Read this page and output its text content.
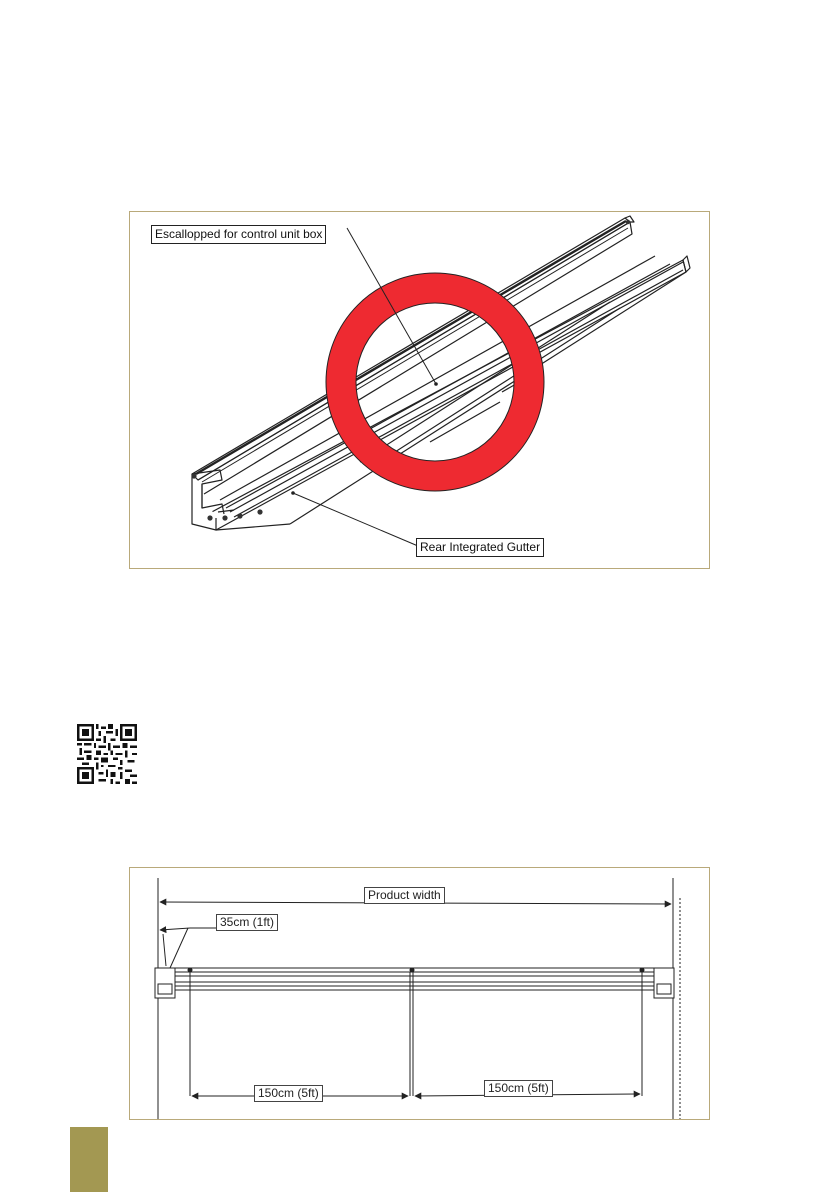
Escallopped for control unit box
Rear Integrated Gutter
Product width
35cm (1ft)
150cm (5ft)	150cm (5ft)
